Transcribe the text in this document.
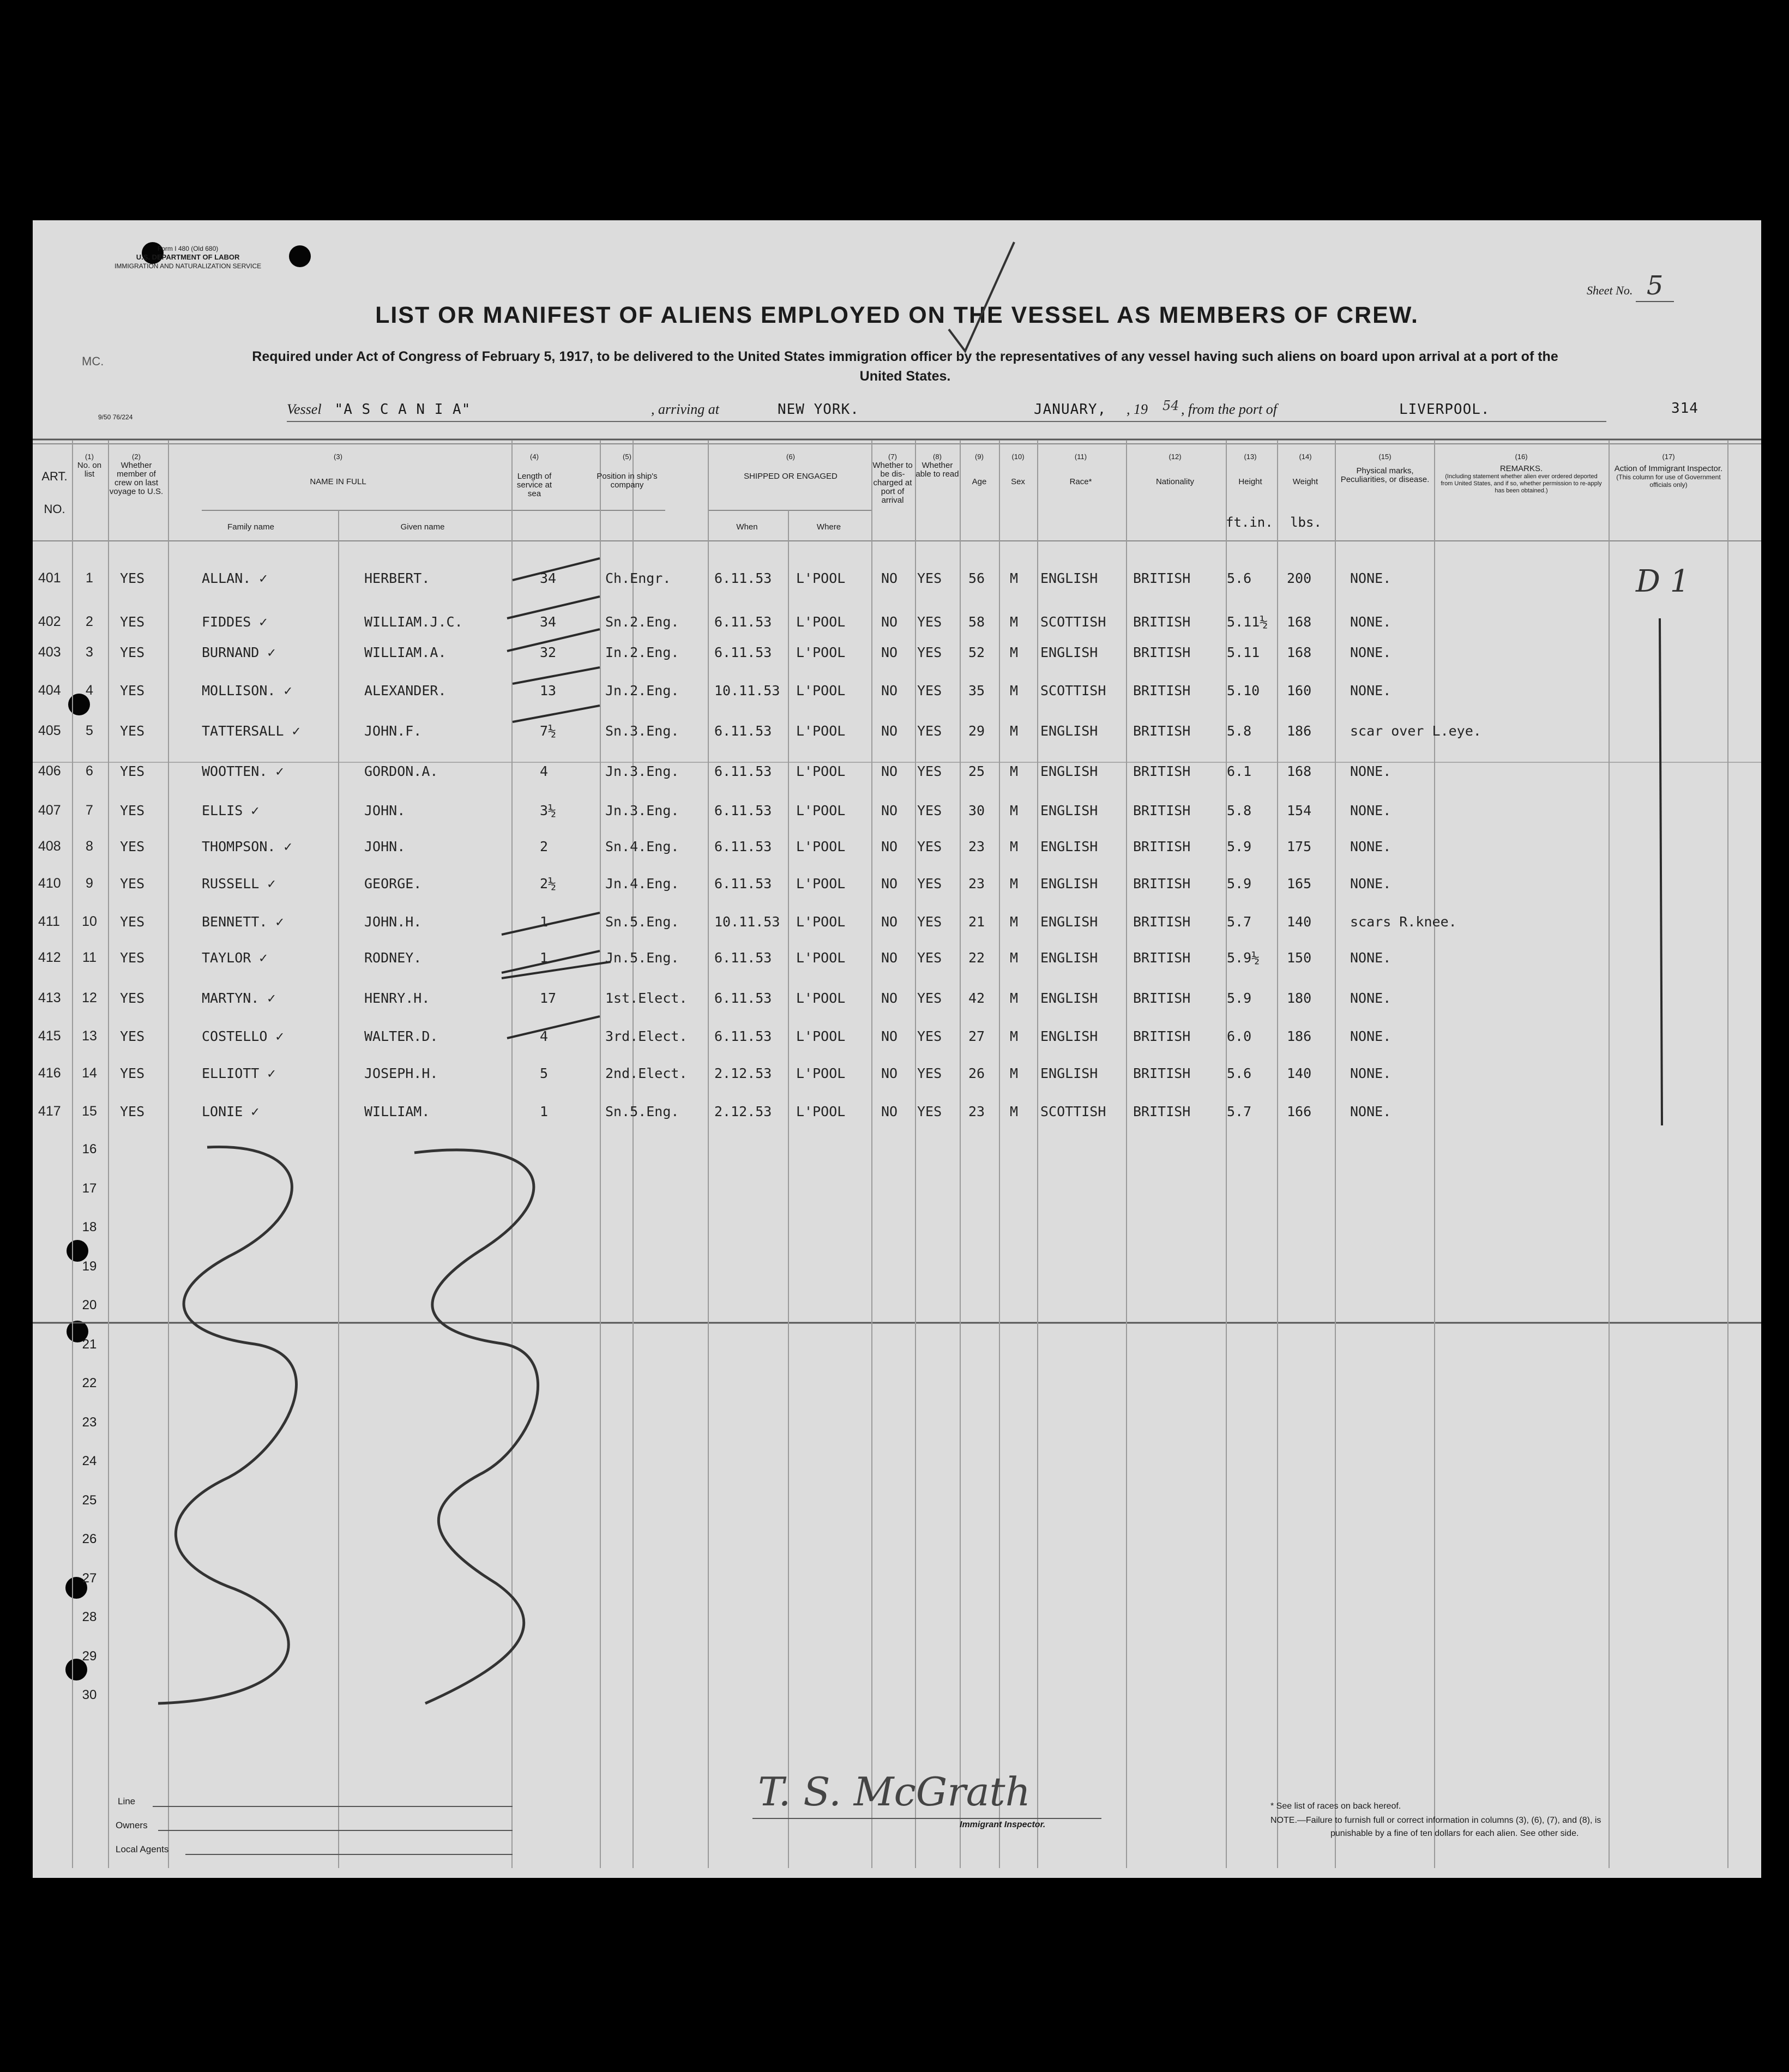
Form I 480 (Old 680)
U.S. DEPARTMENT OF LABOR
IMMIGRATION AND NATURALIZATION SERVICE
MC.
9/50 76/224
Sheet No. 5
LIST OR MANIFEST OF ALIENS EMPLOYED ON THE VESSEL AS MEMBERS OF CREW.
Required under Act of Congress of February 5, 1917, to be delivered to the United States immigration officer by the representatives of any vessel having such aliens on board upon arrival at a port of the United States.
Vessel "A S C A N I A"	, arriving at	NEW YORK.	JANUARY, , 19 54 , from the port of	LIVERPOOL.	314
ART. NO.
(1)
No. on list
(2)
Whether member of crew on last voyage to U.S.
(3)
NAME IN FULL
Family name	Given name
(4)
Length of service at sea
(5)
Position in ship's company
(6)
SHIPPED OR ENGAGED
When	Where
(7)
Whether to be dis-charged at port of arrival
(8)
Whether able to read
(9)
Age
(10)
Sex
(11)
Race*
(12)
Nationality
(13)
Height
ft.in.
(14)
Weight
lbs.
(15)
Physical marks, Peculiarities, or disease.
(16)
REMARKS.
(Including statement whether alien ever ordered deported from United States, and if so, whether permission to re-apply has been obtained.)
(17)
Action of Immigrant Inspector.
(This column for use of Government officials only)
401	1	YES	ALLAN. ✓	HERBERT.	34	Ch.Engr.	6.11.53 L'POOL	NO YES 56 M ENGLISH	BRITISH	5.6	200	NONE.
402	2	YES	FIDDES ✓	WILLIAM.J.C.	34	Sn.2.Eng.	6.11.53 L'POOL	NO YES 58 M SCOTTISH BRITISH	5.11½ 168	NONE.
403	3	YES	BURNAND ✓	WILLIAM.A.	32	In.2.Eng.	6.11.53 L'POOL	NO YES 52 M ENGLISH	BRITISH	5.11 168	NONE.
404	4	YES	MOLLISON. ✓	ALEXANDER.	13	Jn.2.Eng.	10.11.53 L'POOL	NO YES 35 M SCOTTISH BRITISH	5.10 160	NONE.
405	5	YES	TATTERSALL ✓	JOHN.F.	7½	Sn.3.Eng.	6.11.53 L'POOL	NO YES 29 M ENGLISH	BRITISH	5.8	186	scar over L.eye.
406	6	YES	WOOTTEN. ✓	GORDON.A.	4	Jn.3.Eng.	6.11.53 L'POOL	NO YES 25 M ENGLISH	BRITISH	6.1	168	NONE.
407	7	YES	ELLIS ✓	JOHN.	3½	Jn.3.Eng.	6.11.53 L'POOL	NO YES 30 M ENGLISH	BRITISH	5.8	154	NONE.
408	8	YES	THOMPSON. ✓	JOHN.	2	Sn.4.Eng.	6.11.53 L'POOL	NO YES 23 M ENGLISH	BRITISH	5.9	175	NONE.
410	9	YES	RUSSELL ✓	GEORGE.	2½	Jn.4.Eng.	6.11.53 L'POOL	NO YES 23 M ENGLISH	BRITISH	5.9	165	NONE.
411	10	YES	BENNETT. ✓	JOHN.H.	1	Sn.5.Eng.	10.11.53 L'POOL	NO YES 21 M ENGLISH	BRITISH	5.7	140	scars R.knee.
412	11	YES	TAYLOR ✓	RODNEY.	1	Jn.5.Eng.	6.11.53 L'POOL	NO YES 22 M ENGLISH	BRITISH	5.9½ 150	NONE.
413	12	YES	MARTYN. ✓	HENRY.H.	17	1st.Elect. 6.11.53 L'POOL	NO YES 42 M ENGLISH	BRITISH	5.9	180	NONE.
415	13	YES	COSTELLO ✓	WALTER.D.	4	3rd.Elect. 6.11.53 L'POOL	NO YES 27 M ENGLISH	BRITISH	6.0	186	NONE.
416	14	YES	ELLIOTT ✓	JOSEPH.H.	5	2nd.Elect. 2.12.53 L'POOL	NO YES 26 M ENGLISH	BRITISH	5.6	140	NONE.
417	15	YES	LONIE ✓	WILLIAM.	1	Sn.5.Eng.	2.12.53 L'POOL	NO YES 23 M SCOTTISH BRITISH	5.7	166	NONE.
16
17
18
19
20
21
22
23
24
25
26
27
28
29
30
D 1
Line
Owners
Local Agents
T. S. McGrath
Immigrant Inspector.
* See list of races on back hereof.
NOTE.—Failure to furnish full or correct information in columns (3), (6), (7), and (8), is
punishable by a fine of ten dollars for each alien. See other side.
